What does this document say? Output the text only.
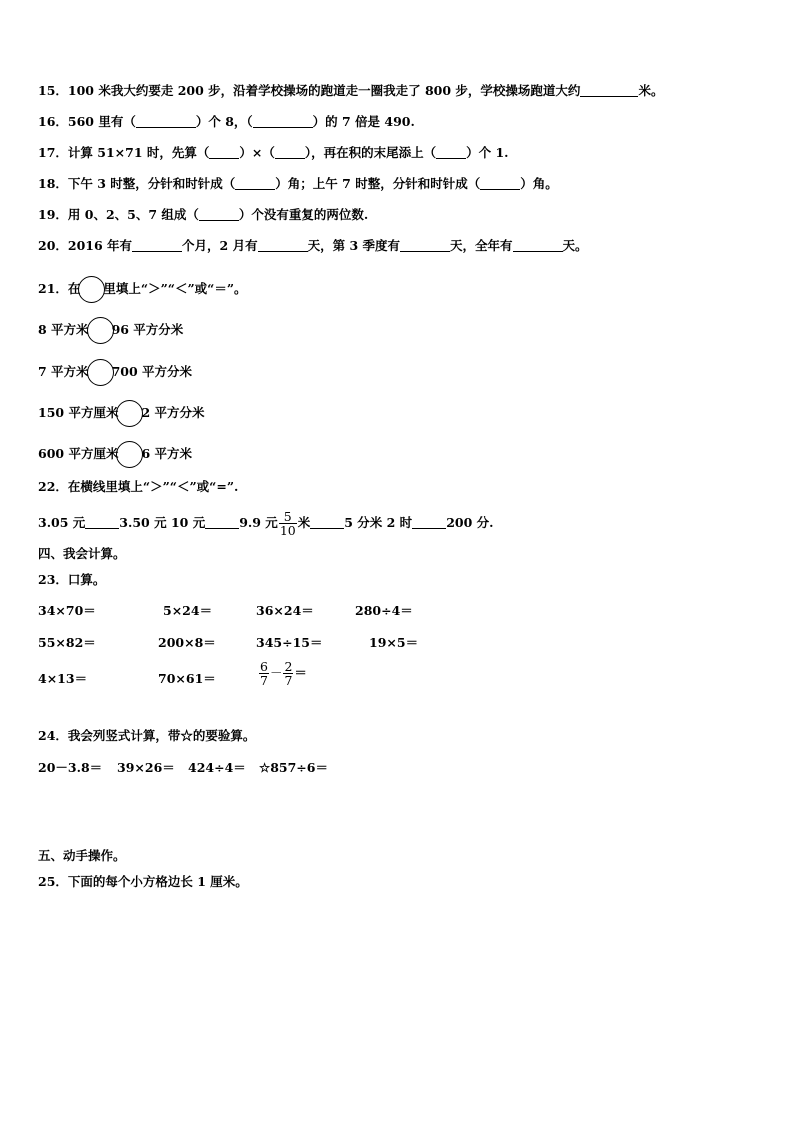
15．100 米我大约要走 200 步，沿着学校操场的跑道走一圈我走了 800 步，学校操场跑道大约	米。
16．560 里有（	）个 8，（	）的 7 倍是 490.
17．计算 51×71 时，先算（ ）×（ ），再在积的末尾添上（ ）个 1.
18．下午 3 时整，分针和时针成（	）角；上午 7 时整，分针和时针成（	）角。
19．用 0、2、5、7 组成（	）个没有重复的两位数.
20．2016 年有	个月，2 月有	天，第 3 季度有	天，全年有	天。
21．在 里填上“＞”“＜”或“＝”。
8 平方米 96 平方分米
7 平方米 700 平方分米
150 平方厘米 2 平方分米
600 平方厘米 6 平方米
22．在横线里填上“＞”“＜”或“=”.
3.05 元	3.50 元 10 元	9.9 元 $\frac{5}{10}$ 米	5 分米 2 时	200 分.
四、我会计算。
23．口算。
34×70＝	5×24＝	36×24＝	280÷4＝
55×82＝	200×8＝	345÷15＝	19×5＝
4×13＝	70×61＝	$\frac{6}{7} - \frac{2}{7}$ ＝
24．我会列竖式计算，带☆的要验算。
20－3.8＝ 39×26＝ 424÷4＝ ☆857÷6＝
五、动手操作。
25．下面的每个小方格边长 1 厘米。
